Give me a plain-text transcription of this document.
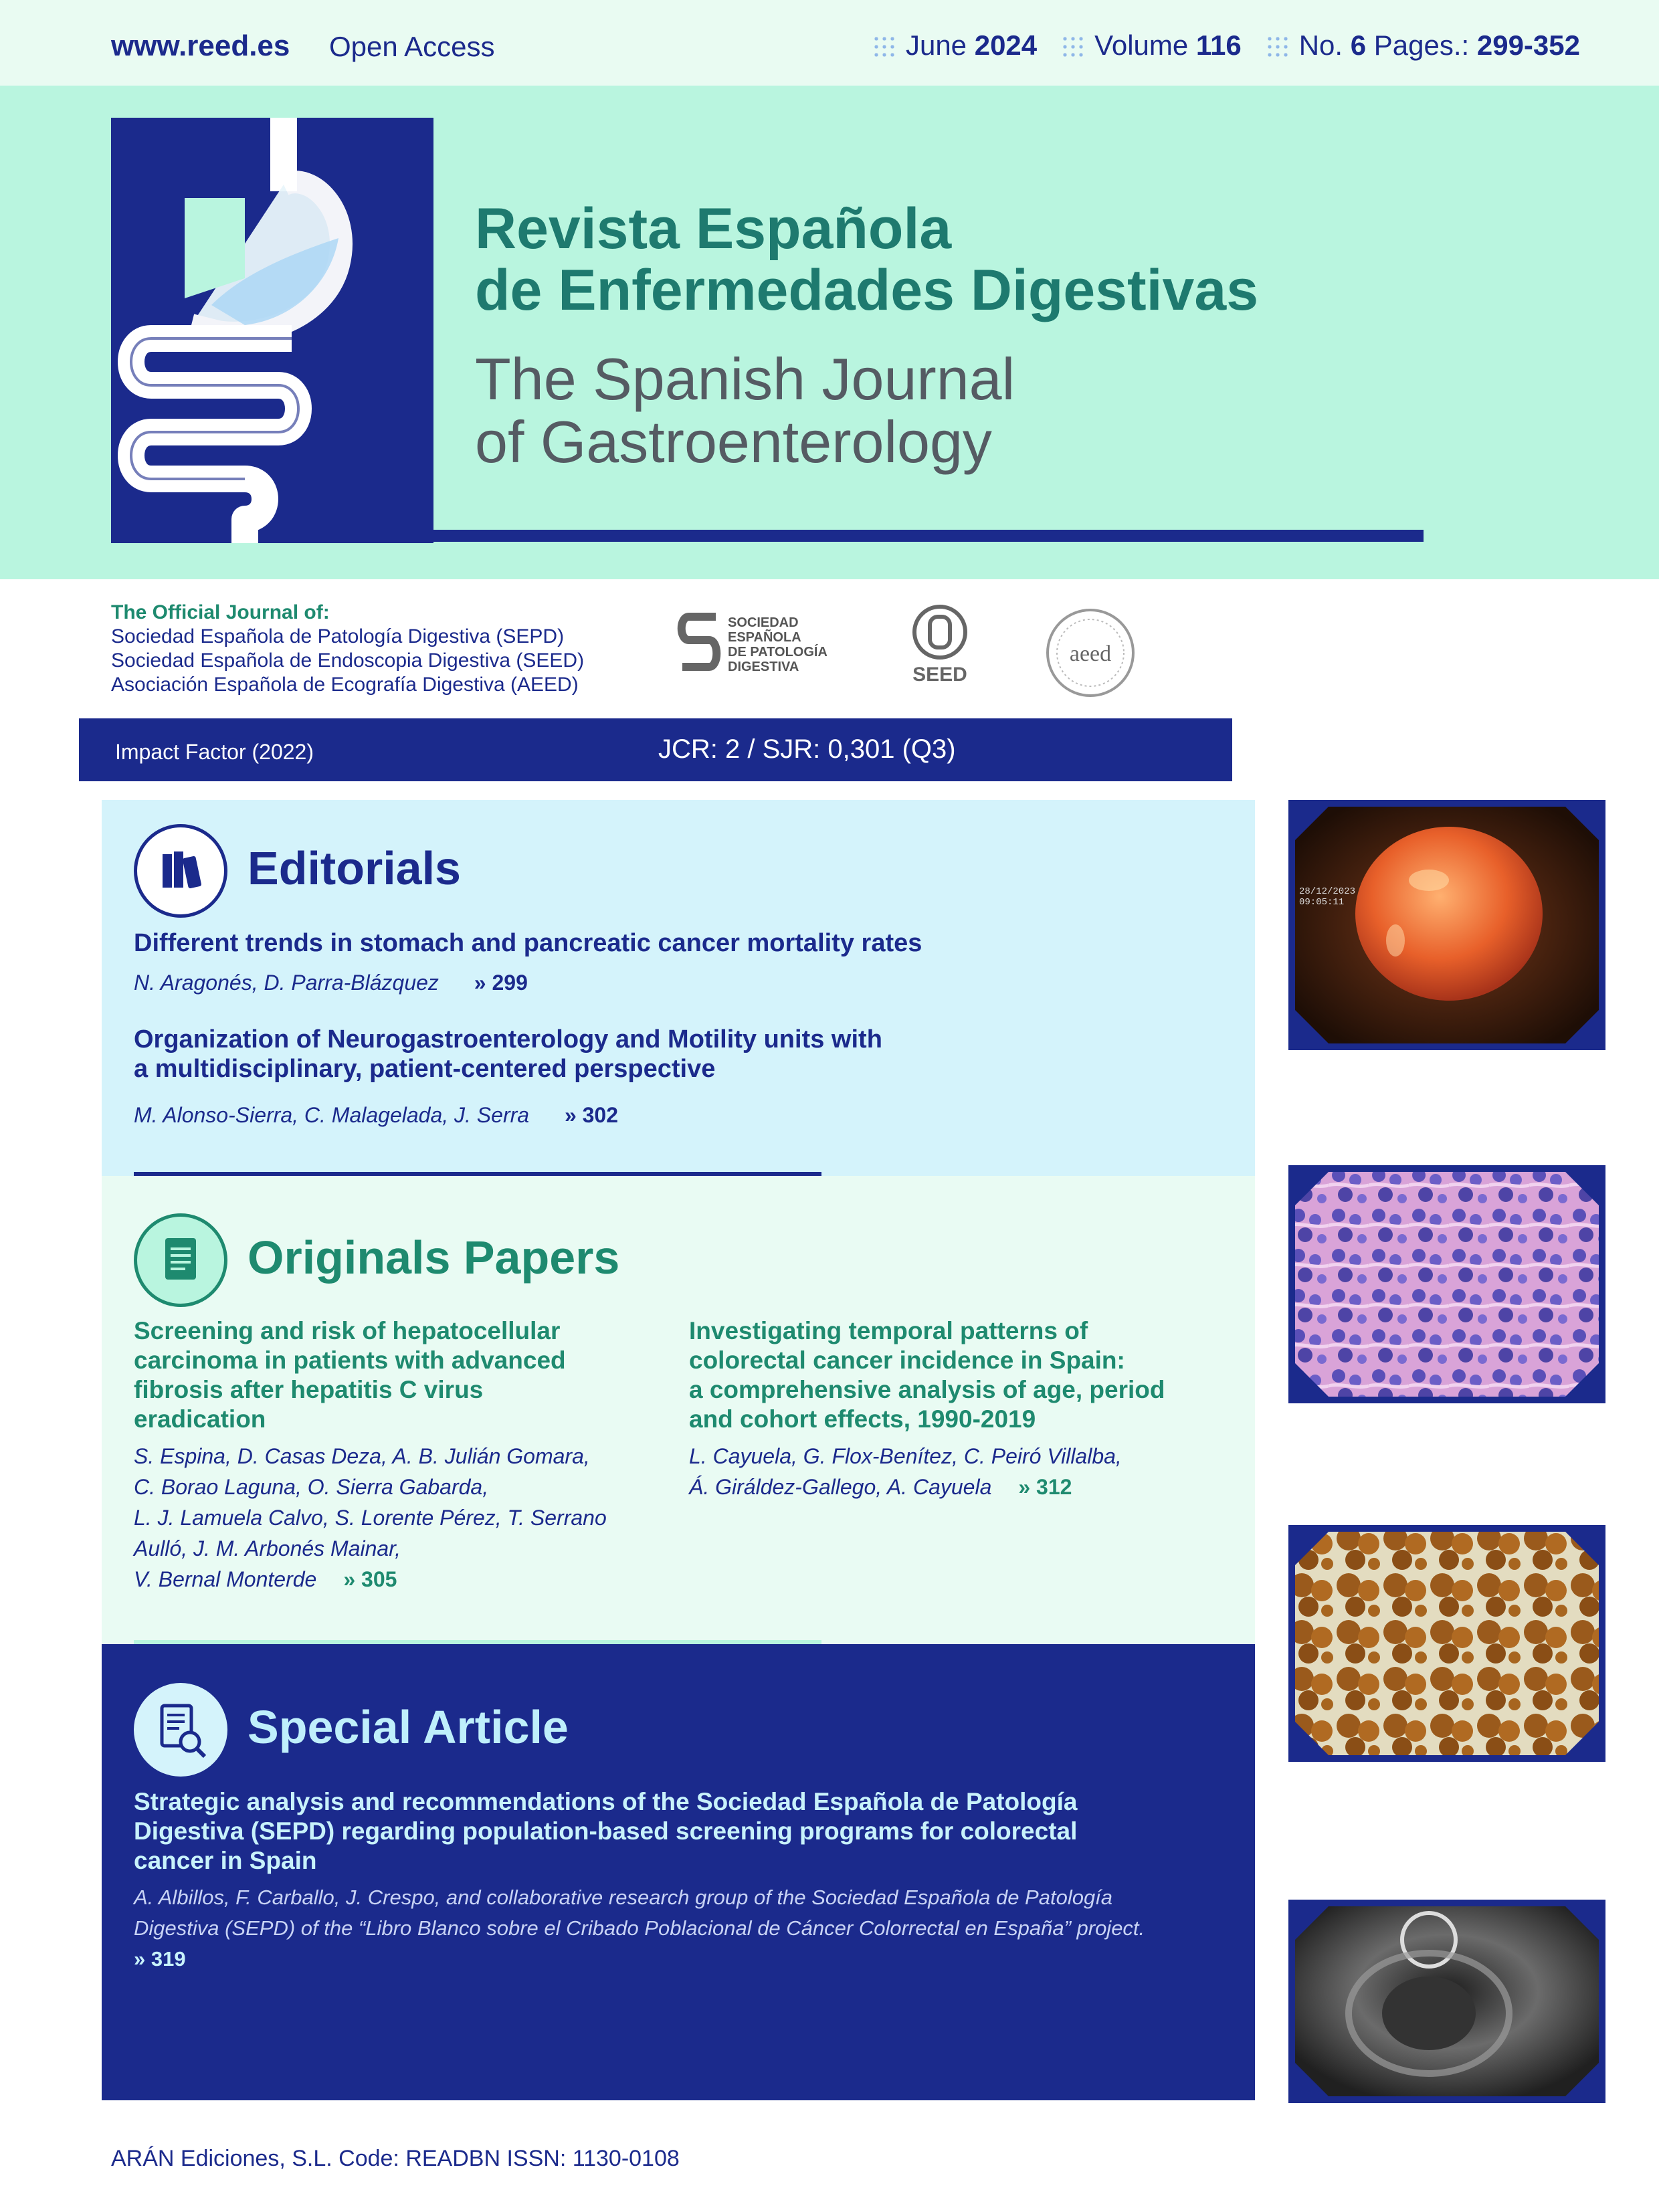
www.reed.es Open Access	June 2024	Volume 116	No. 6 Pages.: 299-352
Revista Española
de Enfermedades Digestivas
The Spanish Journal
of Gastroenterology
The Official Journal of:
Sociedad Española de Patología Digestiva (SEPD)
Sociedad Española de Endoscopia Digestiva (SEED)
Asociación Española de Ecografía Digestiva (AEED)
SOCIEDAD
ESPAÑOLA
DE PATOLOGÍA
DIGESTIVA	SEED
aeed
Impact Factor (2022)	JCR: 2 / SJR: 0,301 (Q3)
Editorials
Different trends in stomach and pancreatic cancer mortality rates
N. Aragonés, D. Parra-Blázquez » 299
Organization of Neurogastroenterology and Motility units with
a multidisciplinary, patient-centered perspective
M. Alonso-Sierra, C. Malagelada, J. Serra » 302
Originals Papers
Screening and risk of hepatocellular
carcinoma in patients with advanced
fibrosis after hepatitis C virus
eradication
S. Espina, D. Casas Deza, A. B. Julián Gomara,
C. Borao Laguna, O. Sierra Gabarda,
L. J. Lamuela Calvo, S. Lorente Pérez, T. Serrano
Aulló, J. M. Arbonés Mainar,
V. Bernal Monterde » 305
Investigating temporal patterns of
colorectal cancer incidence in Spain:
a comprehensive analysis of age, period
and cohort effects, 1990-2019
L. Cayuela, G. Flox-Benítez, C. Peiró Villalba,
Á. Giráldez-Gallego, A. Cayuela » 312
Special Article
Strategic analysis and recommendations of the Sociedad Española de Patología
Digestiva (SEPD) regarding population-based screening programs for colorectal
cancer in Spain
A. Albillos, F. Carballo, J. Crespo, and collaborative research group of the Sociedad Española de Patología
Digestiva (SEPD) of the “Libro Blanco sobre el Cribado Poblacional de Cáncer Colorrectal en España” project.
» 319
28/12/2023
09:05:11
ARÁN Ediciones, S.L. Code: READBN ISSN: 1130-0108
